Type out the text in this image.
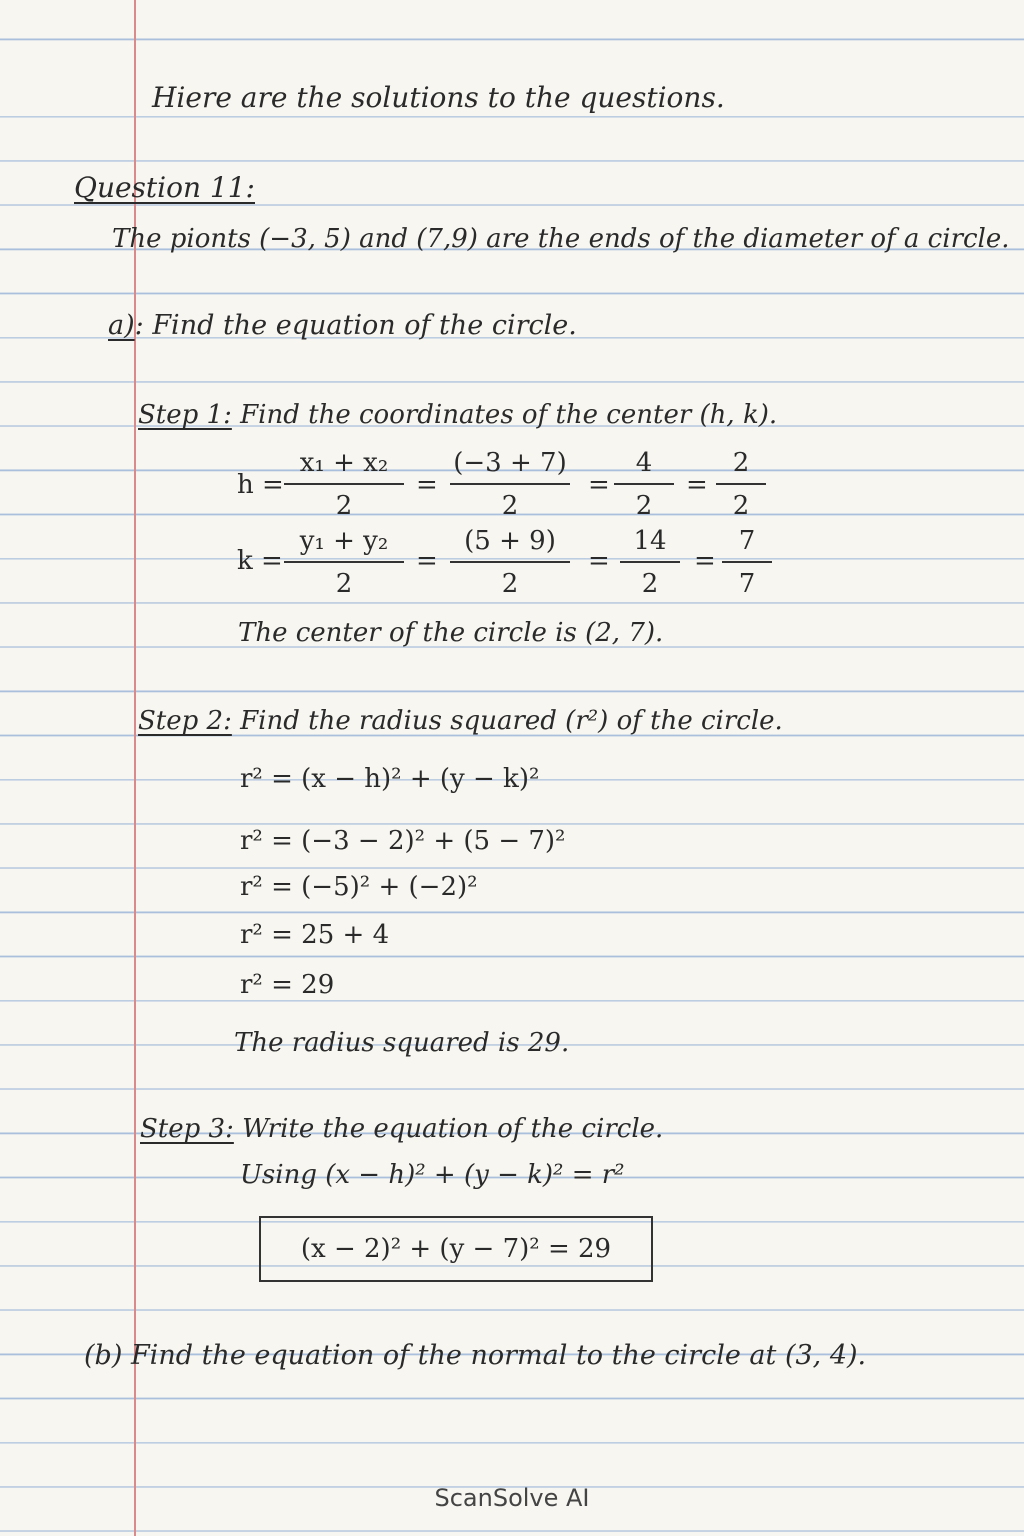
Hiere are the solutions to the questions.
Question 11:
The pionts (−3, 5) and (7,9) are the ends of the diameter of a circle.
a): Find the equation of the circle.
Step 1: Find the coordinates of the center (h, k).
h =
x₁ + x₂
2
=
(−3 + 7)
2
=
4
2
=
2
2
k =
y₁ + y₂
2
=
(5 + 9)
2
=
14
2
=
7
7
The center of the circle is (2, 7).
Step 2: Find the radius squared (r²) of the circle.
r² = (x − h)² + (y − k)²
r² = (−3 − 2)² + (5 − 7)²
r² = (−5)² + (−2)²
r² = 25 + 4
r² = 29
The radius squared is 29.
Step 3: Write the equation of the circle.
Using (x − h)² + (y − k)² = r²
(x − 2)² + (y − 7)² = 29
(b) Find the equation of the normal to the circle at (3, 4).
ScanSolve AI
